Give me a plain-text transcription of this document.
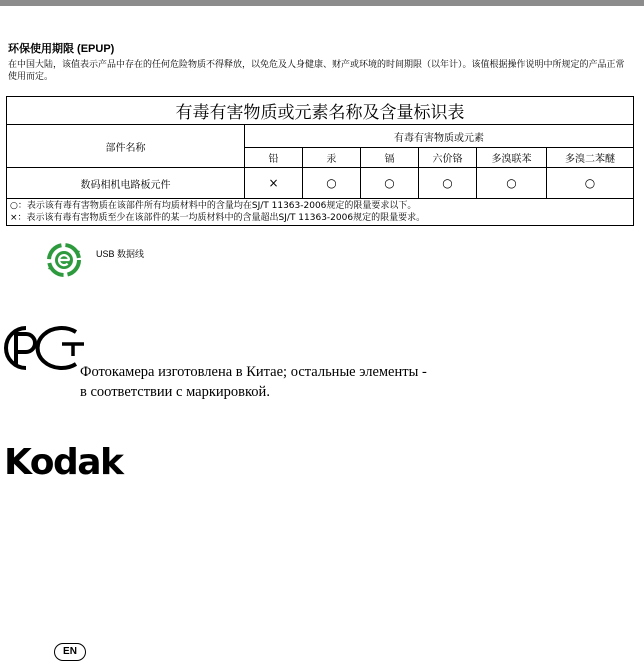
环保使用期限 (EPUP)
在中国大陆，该值表示产品中存在的任何危险物质不得释放，以免危及人身健康、财产或环境的时间期限（以年计）。该值根据操作说明中所规定的产品正常使用而定。
有毒有害物质或元素名称及含量标识表						
部件名称	有毒有害物质或元素					
	铅	汞	镉	六价铬	多溴联苯	多溴二苯醚
数码相机电路板元件	×	○	○	○	○	○

○：表示该有毒有害物质在该部件所有均质材料中的含量均在SJ/T 11363-2006规定的限量要求以下。
×：表示该有毒有害物质至少在该部件的某一均质材料中的含量超出SJ/T 11363-2006规定的限量要求。						
USB 数据线
Фотокамера изготовлена в Китае; остальные элементы -
в соответствии с маркировкой.
Kodak
EN
